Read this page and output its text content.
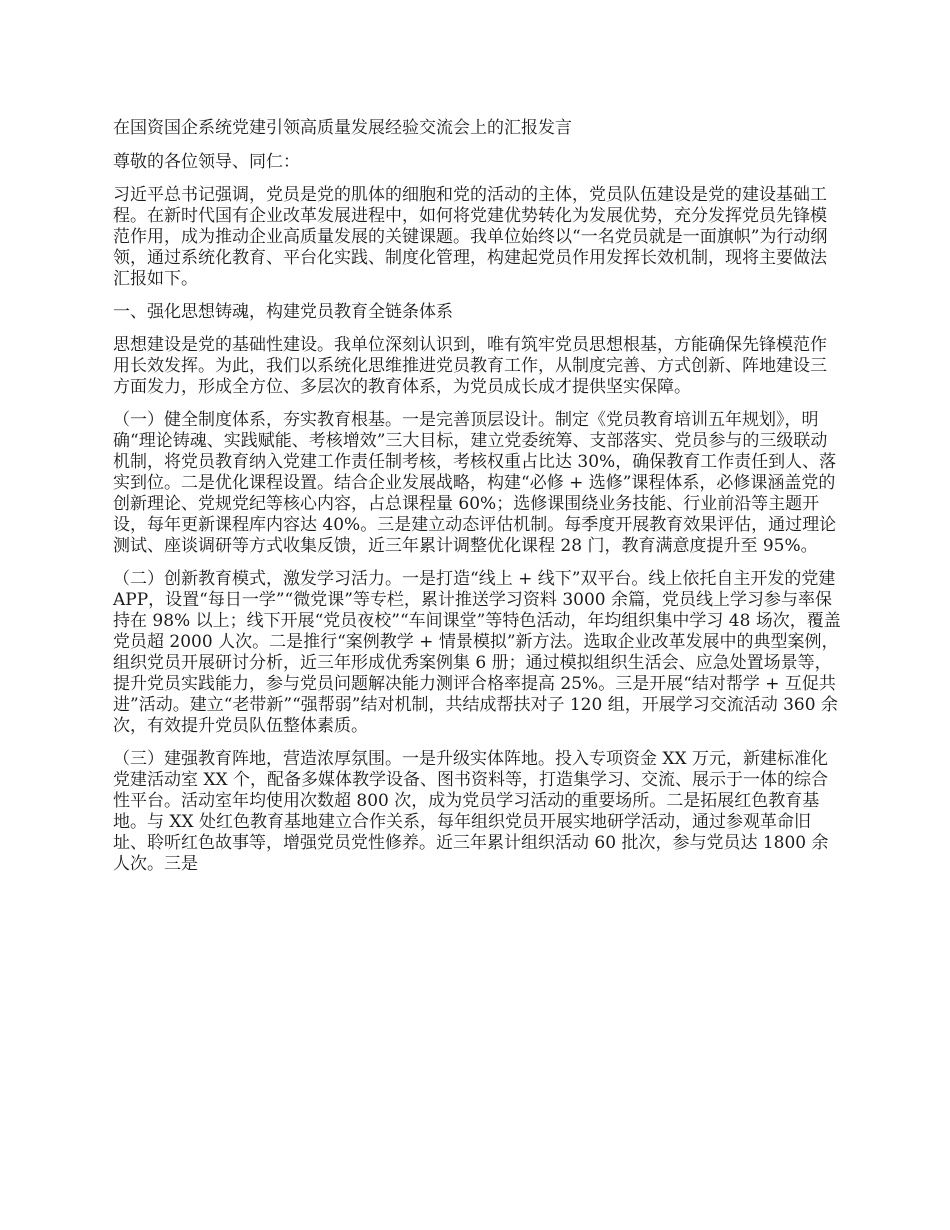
在国资国企系统党建引领高质量发展经验交流会上的汇报发言

尊敬的各位领导、同仁：

习近平总书记强调，党员是党的肌体的细胞和党的活动的主体，党员队伍建设是党的建设基础工程。在新时代国有企业改革发展进程中，如何将党建优势转化为发展优势，充分发挥党员先锋模范作用，成为推动企业高质量发展的关键课题。我单位始终以“一名党员就是一面旗帜”为行动纲领，通过系统化教育、平台化实践、制度化管理，构建起党员作用发挥长效机制，现将主要做法汇报如下。

一、强化思想铸魂，构建党员教育全链条体系

思想建设是党的基础性建设。我单位深刻认识到，唯有筑牢党员思想根基，方能确保先锋模范作用长效发挥。为此，我们以系统化思维推进党员教育工作，从制度完善、方式创新、阵地建设三方面发力，形成全方位、多层次的教育体系，为党员成长成才提供坚实保障。

（一）健全制度体系，夯实教育根基。一是完善顶层设计。制定《党员教育培训五年规划》，明确“理论铸魂、实践赋能、考核增效”三大目标，建立党委统筹、支部落实、党员参与的三级联动机制，将党员教育纳入党建工作责任制考核，考核权重占比达 30%，确保教育工作责任到人、落实到位。二是优化课程设置。结合企业发展战略，构建“必修 + 选修”课程体系，必修课涵盖党的创新理论、党规党纪等核心内容，占总课程量 60%；选修课围绕业务技能、行业前沿等主题开设，每年更新课程库内容达 40%。三是建立动态评估机制。每季度开展教育效果评估，通过理论测试、座谈调研等方式收集反馈，近三年累计调整优化课程 28 门，教育满意度提升至 95%。

（二）创新教育模式，激发学习活力。一是打造“线上 + 线下”双平台。线上依托自主开发的党建 APP，设置“每日一学”“微党课”等专栏，累计推送学习资料 3000 余篇，党员线上学习参与率保持在 98% 以上；线下开展“党员夜校”“车间课堂”等特色活动，年均组织集中学习 48 场次，覆盖党员超 2000 人次。二是推行“案例教学 + 情景模拟”新方法。选取企业改革发展中的典型案例，组织党员开展研讨分析，近三年形成优秀案例集 6 册；通过模拟组织生活会、应急处置场景等，提升党员实践能力，参与党员问题解决能力测评合格率提高 25%。三是开展“结对帮学 + 互促共进”活动。建立“老带新”“强帮弱”结对机制，共结成帮扶对子 120 组，开展学习交流活动 360 余次，有效提升党员队伍整体素质。

（三）建强教育阵地，营造浓厚氛围。一是升级实体阵地。投入专项资金 XX 万元，新建标准化党建活动室 XX 个，配备多媒体教学设备、图书资料等，打造集学习、交流、展示于一体的综合性平台。活动室年均使用次数超 800 次，成为党员学习活动的重要场所。二是拓展红色教育基地。与 XX 处红色教育基地建立合作关系，每年组织党员开展实地研学活动，通过参观革命旧址、聆听红色故事等，增强党员党性修养。近三年累计组织活动 60 批次，参与党员达 1800 余人次。三是
